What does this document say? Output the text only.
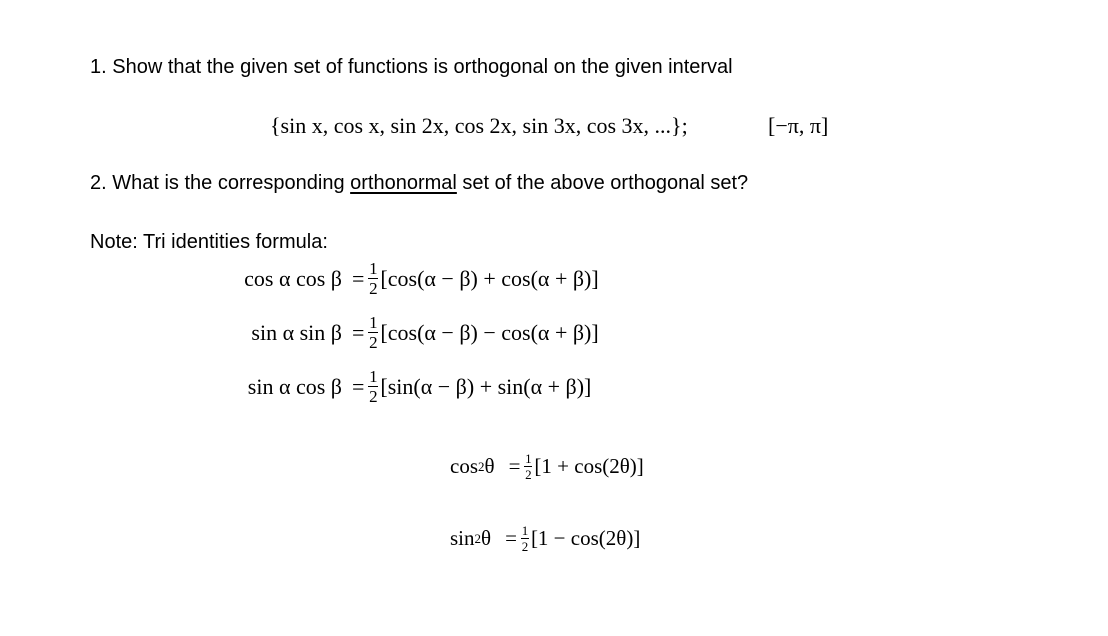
1. Show that the given set of functions is orthogonal on the given interval
{sin x, cos x, sin 2x, cos 2x, sin 3x, cos 3x, ...};	[−π, π]
2. What is the corresponding orthonormal set of the above orthogonal set?
Note: Tri identities formula:
cos α $\cos \beta = \frac{1}{2} [\cos(\alpha - \beta) + \cos(\alpha + \beta)]$
sin α $\sin \beta = \frac{1}{2} [\cos(\alpha - \beta) - \cos(\alpha + \beta)]$
sin α $\cos \beta = \frac{1}{2} [\sin(\alpha - \beta) + \sin(\alpha + \beta)]$
cos 2 $\theta = \frac{1}{2} [1 + \cos(2\theta)]$
sin 2 $\theta = \frac{1}{2} [1 - \cos(2\theta)]$
